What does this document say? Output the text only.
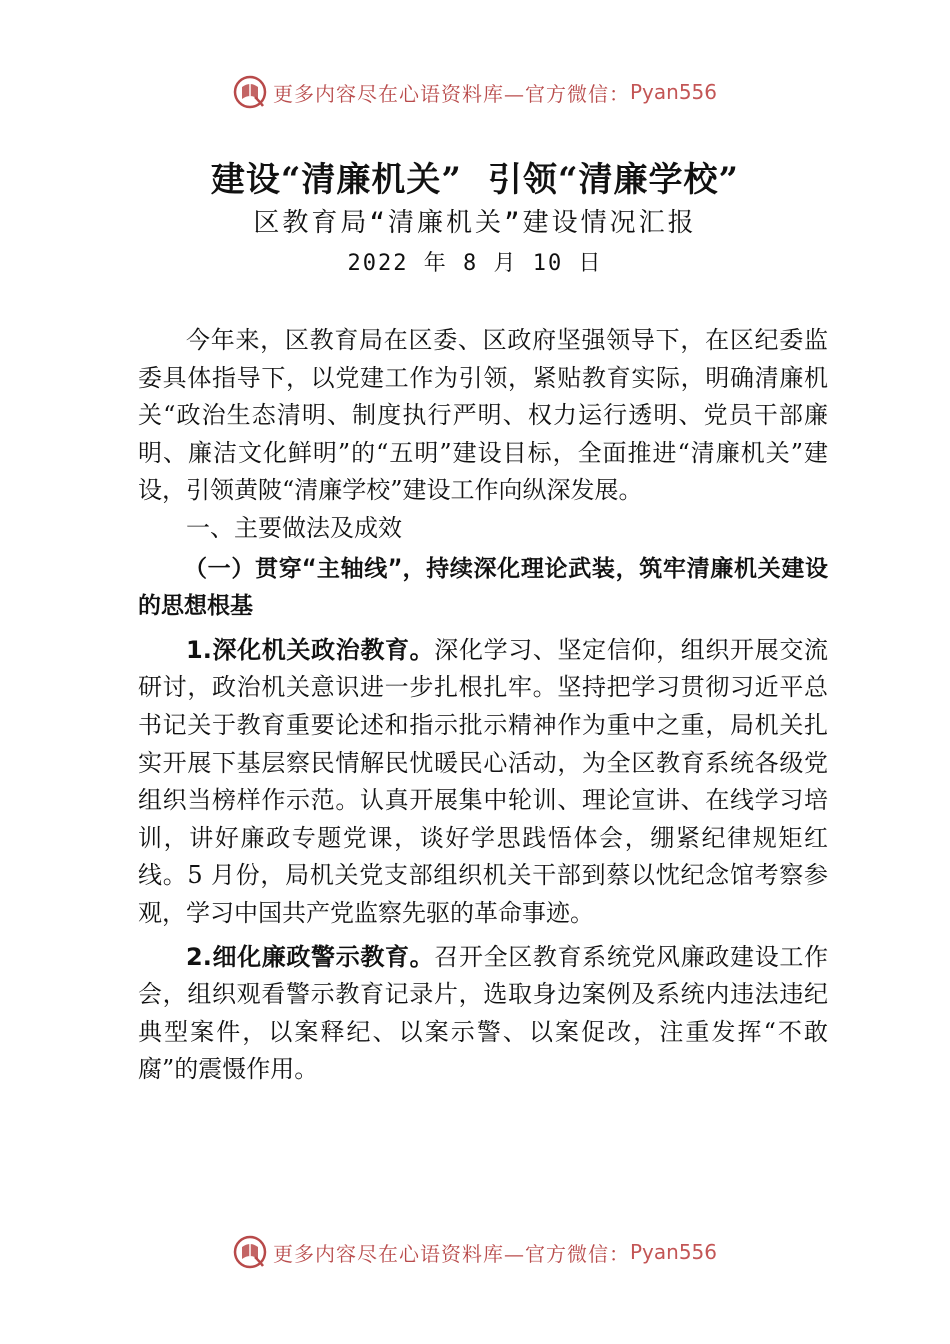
更多内容尽在心语资料库—官方微信： Pyan556
建设“清廉机关” 引领“清廉学校”
区教育局“清廉机关”建设情况汇报
2022 年 8 月 10 日

今年来，区教育局在区委、区政府坚强领导下，在区纪委监委具体指导下，以党建工作为引领，紧贴教育实际，明确清廉机关“政治生态清明、制度执行严明、权力运行透明、党员干部廉明、廉洁文化鲜明”的“五明”建设目标，全面推进“清廉机关”建设，引领黄陂“清廉学校”建设工作向纵深发展。

一、主要做法及成效

（一）贯穿“主轴线”，持续深化理论武装，筑牢清廉机关建设的思想根基

1.深化机关政治教育。深化学习、坚定信仰，组织开展交流研讨，政治机关意识进一步扎根扎牢。坚持把学习贯彻习近平总书记关于教育重要论述和指示批示精神作为重中之重，局机关扎实开展下基层察民情解民忧暖民心活动，为全区教育系统各级党组织当榜样作示范。认真开展集中轮训、理论宣讲、在线学习培训，讲好廉政专题党课，谈好学思践悟体会，绷紧纪律规矩红线。5 月份，局机关党支部组织机关干部到蔡以忱纪念馆考察参观，学习中国共产党监察先驱的革命事迹。

2.细化廉政警示教育。召开全区教育系统党风廉政建设工作会，组织观看警示教育记录片，选取身边案例及系统内违法违纪典型案件，以案释纪、以案示警、以案促改，注重发挥“不敢腐”的震慑作用。

更多内容尽在心语资料库—官方微信： Pyan556
